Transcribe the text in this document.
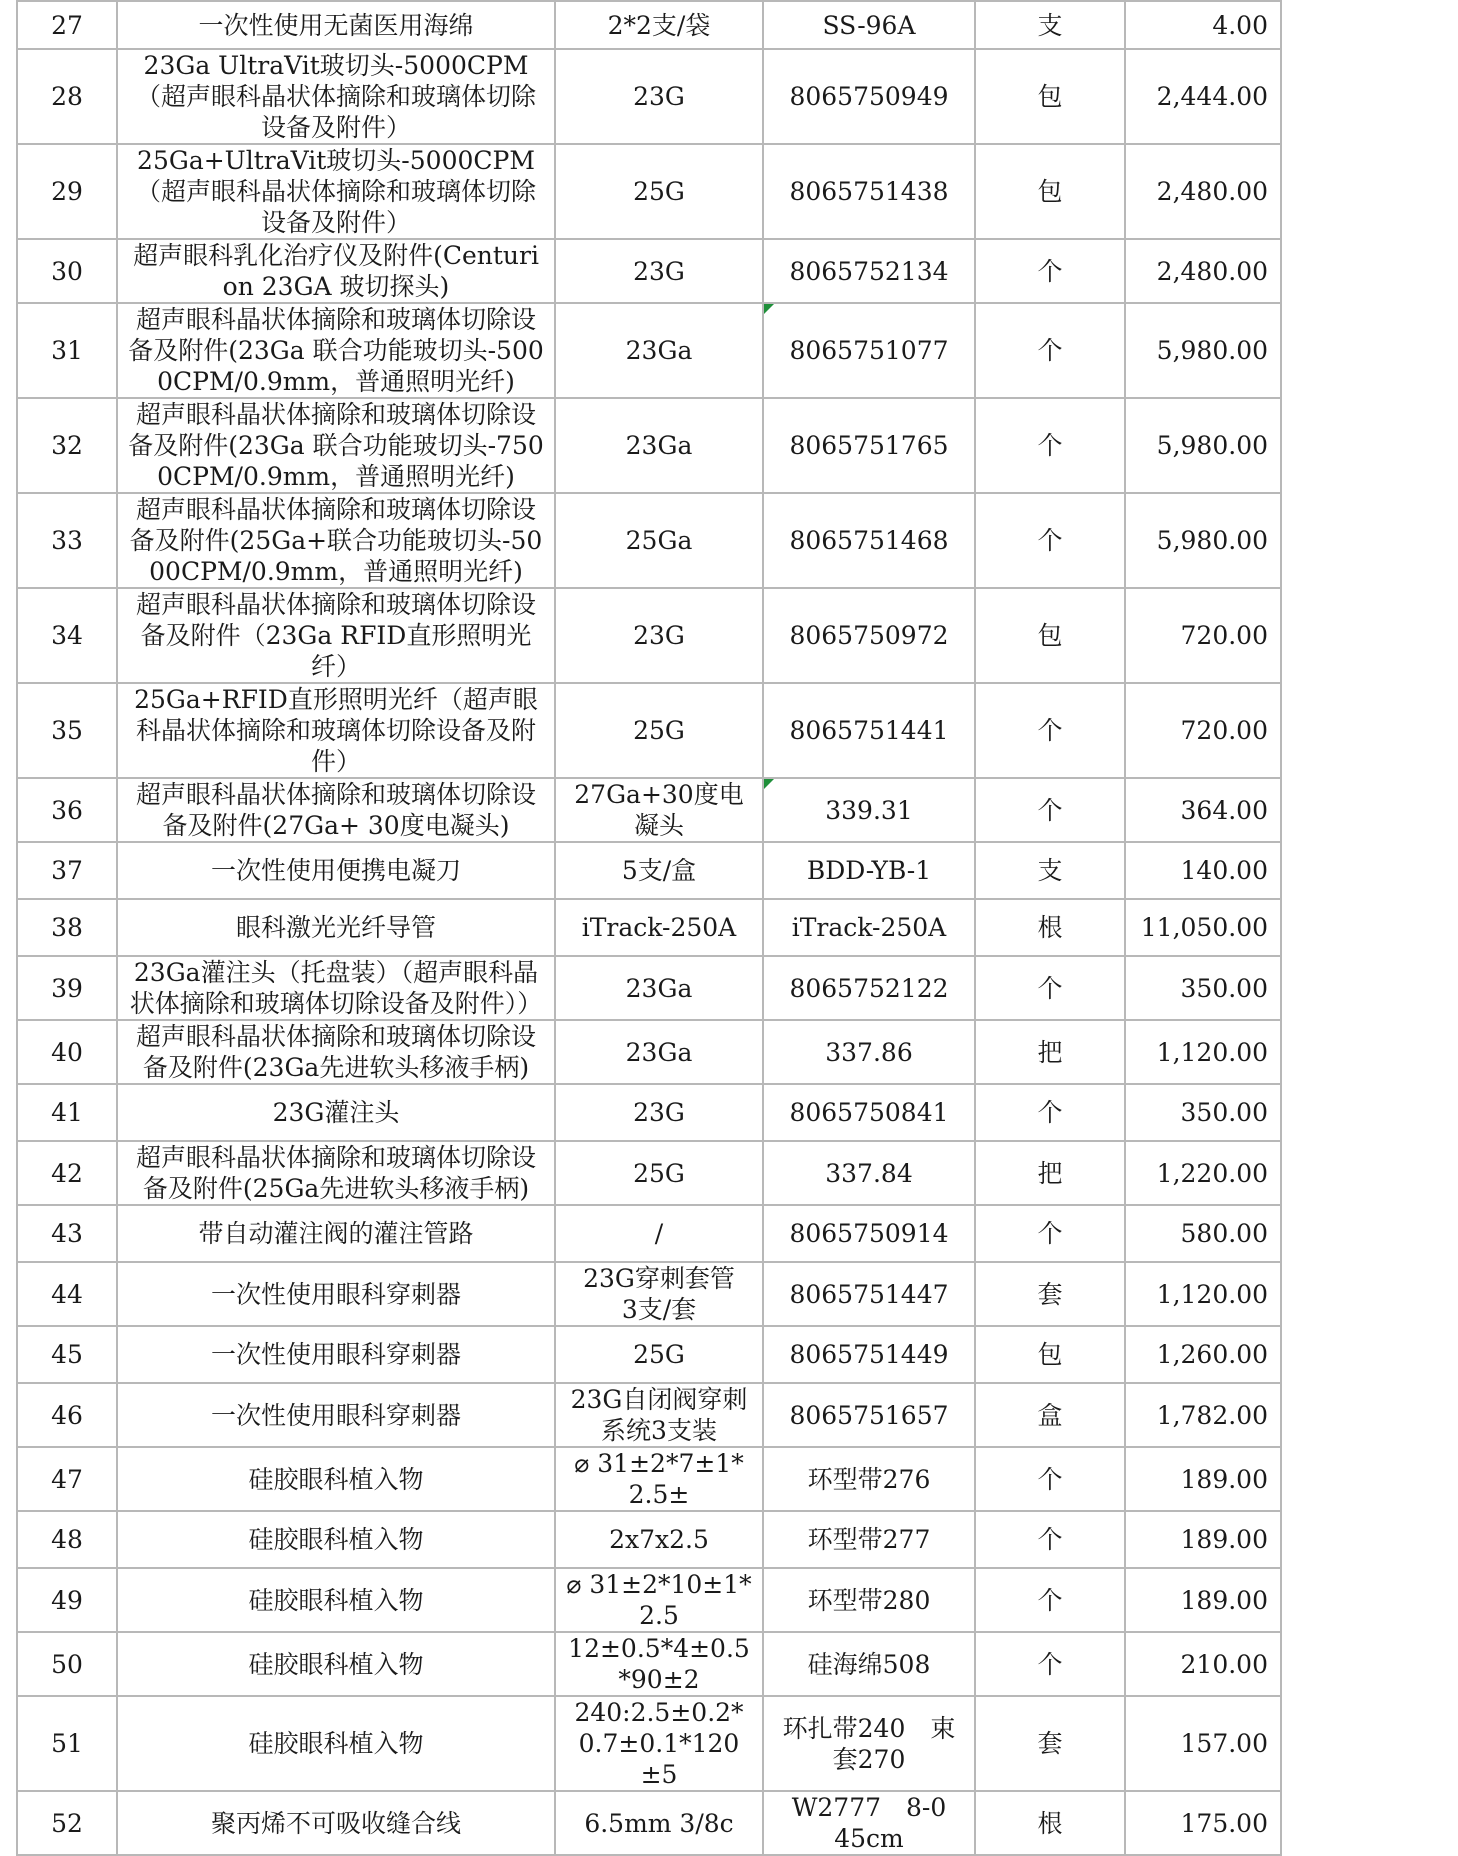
27	一次性使用无菌医用海绵	2*2支/袋	SS-96A	支	4.00
28	23Ga UltraVit玻切头-5000CPM（超声眼科晶状体摘除和玻璃体切除设备及附件）	23G	8065750949	包	2,444.00
29	25Ga+UltraVit玻切头-5000CPM（超声眼科晶状体摘除和玻璃体切除设备及附件）	25G	8065751438	包	2,480.00
30	超声眼科乳化治疗仪及附件(Centurion 23GA 玻切探头)	23G	8065752134	个	2,480.00
31	超声眼科晶状体摘除和玻璃体切除设备及附件(23Ga 联合功能玻切头-5000CPM/0.9mm，普通照明光纤)	23Ga	8065751077	个	5,980.00
32	超声眼科晶状体摘除和玻璃体切除设备及附件(23Ga 联合功能玻切头-7500CPM/0.9mm，普通照明光纤)	23Ga	8065751765	个	5,980.00
33	超声眼科晶状体摘除和玻璃体切除设备及附件(25Ga+联合功能玻切头-5000CPM/0.9mm，普通照明光纤)	25Ga	8065751468	个	5,980.00
34	超声眼科晶状体摘除和玻璃体切除设备及附件（23Ga RFID直形照明光纤）	23G	8065750972	包	720.00
35	25Ga+RFID直形照明光纤（超声眼科晶状体摘除和玻璃体切除设备及附件）	25G	8065751441	个	720.00
36	超声眼科晶状体摘除和玻璃体切除设备及附件(27Ga+ 30度电凝头)	27Ga+30度电凝头	339.31	个	364.00
37	一次性使用便携电凝刀	5支/盒	BDD-YB-1	支	140.00
38	眼科激光光纤导管	iTrack-250A	iTrack-250A	根	11,050.00
39	23Ga灌注头（托盘装）（超声眼科晶状体摘除和玻璃体切除设备及附件））	23Ga	8065752122	个	350.00
40	超声眼科晶状体摘除和玻璃体切除设备及附件(23Ga先进软头移液手柄)	23Ga	337.86	把	1,120.00
41	23G灌注头	23G	8065750841	个	350.00
42	超声眼科晶状体摘除和玻璃体切除设备及附件(25Ga先进软头移液手柄)	25G	337.84	把	1,220.00
43	带自动灌注阀的灌注管路	/	8065750914	个	580.00
44	一次性使用眼科穿刺器	23G穿刺套管　3支/套	8065751447	套	1,120.00
45	一次性使用眼科穿刺器	25G	8065751449	包	1,260.00
46	一次性使用眼科穿刺器	23G自闭阀穿刺系统3支装	8065751657	盒	1,782.00
47	硅胶眼科植入物	⌀ 31±2*7±1*2.5±	环型带276	个	189.00
48	硅胶眼科植入物	2x7x2.5	环型带277	个	189.00
49	硅胶眼科植入物	⌀ 31±2*10±1*2.5	环型带280	个	189.00
50	硅胶眼科植入物	12±0.5*4±0.5*90±2	硅海绵508	个	210.00
51	硅胶眼科植入物	240:2.5±0.2*0.7±0.1*120±5	环扎带240　束套270	套	157.00
52	聚丙烯不可吸收缝合线	6.5mm 3/8c	W2777　8-0　45cm	根	175.00
